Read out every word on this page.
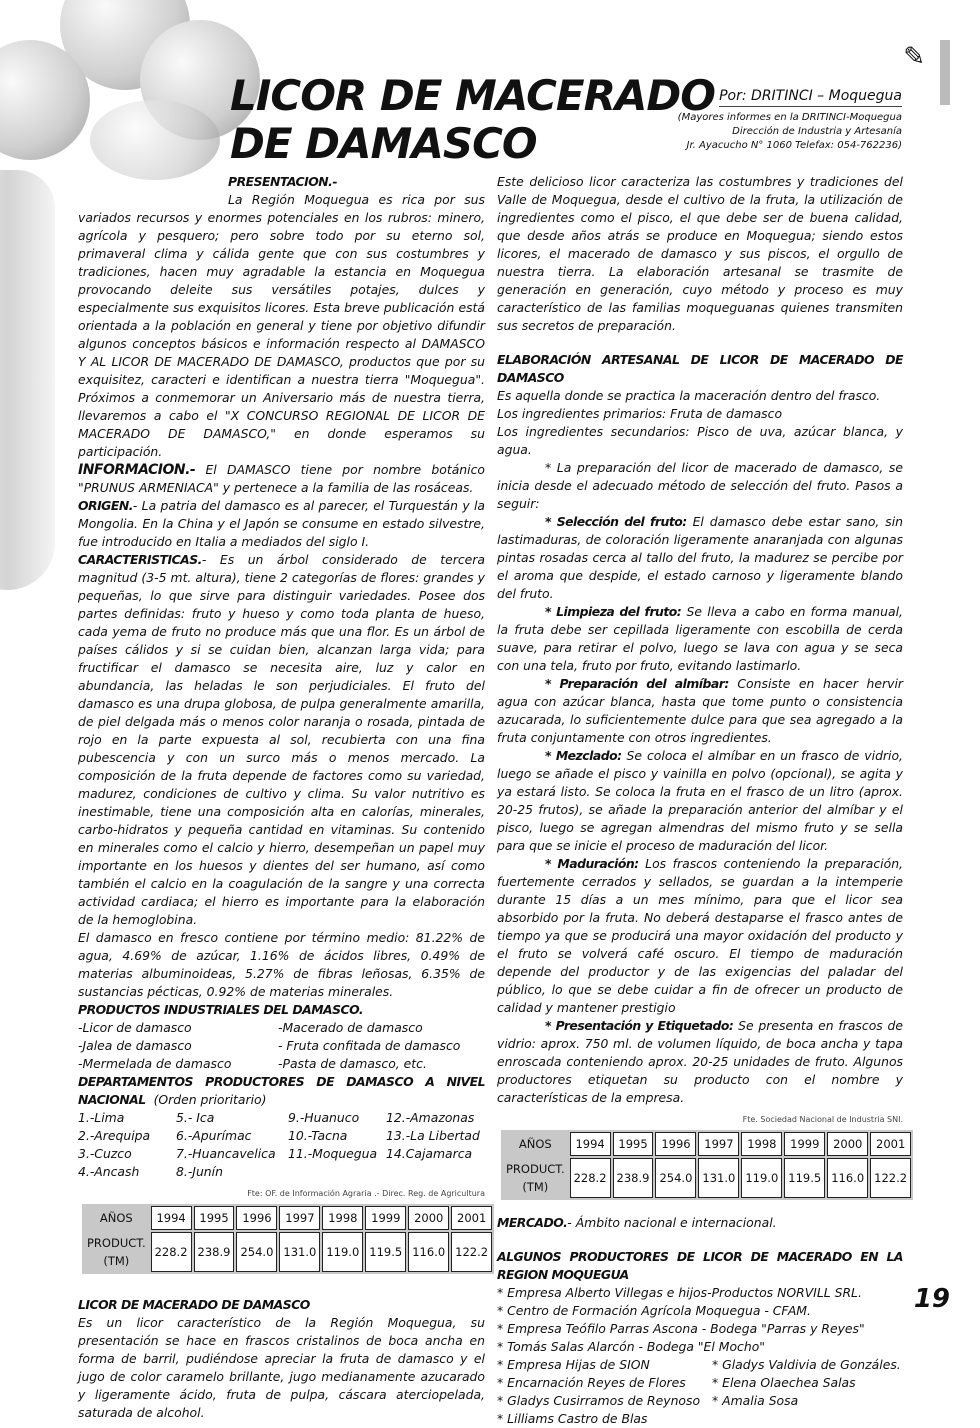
✎
LICOR DE MACERADO
DE DAMASCO
Por: DRITINCI – Moquegua
(Mayores informes en la DRITINCI-Moquegua
Dirección de Industria y Artesanía
Jr. Ayacucho N° 1060 Telefax: 054-762236)

PRESENTACION.-

La Región Moquegua es rica por sus variados recursos y enormes potenciales en los rubros: minero, agrícola y pesquero; pero sobre todo por su eterno sol, primaveral clima y cálida gente que con sus costumbres y tradiciones, hacen muy agradable la estancia en Moquegua provocando deleite sus versátiles potajes, dulces y especialmente sus exquisitos licores. Esta breve publicación está orientada a la población en general y tiene por objetivo difundir algunos conceptos básicos e información respecto al DAMASCO Y AL LICOR DE MACERADO DE DAMASCO, productos que por su exquisitez, caracteri e identifican a nuestra tierra "Moquegua". Próximos a conmemorar un Aniversario más de nuestra tierra, llevaremos a cabo el "X CONCURSO REGIONAL DE LICOR DE MACERADO DE DAMASCO," en donde esperamos su participación.

INFORMACION.- El DAMASCO tiene por nombre botánico "PRUNUS ARMENIACA" y pertenece a la familia de las rosáceas.

ORIGEN.- La patria del damasco es al parecer, el Turquestán y la Mongolia. En la China y el Japón se consume en estado silvestre, fue introducido en Italia a mediados del siglo I.

CARACTERISTICAS.- Es un árbol considerado de tercera magnitud (3-5 mt. altura), tiene 2 categorías de flores: grandes y pequeñas, lo que sirve para distinguir variedades. Posee dos partes definidas: fruto y hueso y como toda planta de hueso, cada yema de fruto no produce más que una flor. Es un árbol de países cálidos y si se cuidan bien, alcanzan larga vida; para fructificar el damasco se necesita aire, luz y calor en abundancia, las heladas le son perjudiciales. El fruto del damasco es una drupa globosa, de pulpa generalmente amarilla, de piel delgada más o menos color naranja o rosada, pintada de rojo en la parte expuesta al sol, recubierta con una fina pubescencia y con un surco más o menos mercado. La composición de la fruta depende de factores como su variedad, madurez, condiciones de cultivo y clima. Su valor nutritivo es inestimable, tiene una composición alta en calorías, minerales, carbo-hidratos y pequeña cantidad en vitaminas. Su contenido en minerales como el calcio y hierro, desempeñan un papel muy importante en los huesos y dientes del ser humano, así como también el calcio en la coagulación de la sangre y una correcta actividad cardiaca; el hierro es importante para la elaboración de la hemoglobina.

El damasco en fresco contiene por término medio: 81.22% de agua, 4.69% de azúcar, 1.16% de ácidos libres, 0.49% de materias albuminoideas, 5.27% de fibras leñosas, 6.35% de sustancias pécticas, 0.92% de materias minerales.

PRODUCTOS INDUSTRIALES DEL DAMASCO.

-Licor de damasco	-Macerado de damasco
-Jalea de damasco	- Fruta confitada de damasco
-Mermelada de damasco	-Pasta de damasco, etc.

DEPARTAMENTOS PRODUCTORES DE DAMASCO A NIVEL NACIONAL (Orden prioritario)

1.-Lima	5.- Ica	9.-Huanuco	12.-Amazonas
2.-Arequipa	6.-Apurímac	10.-Tacna	13.-La Libertad
3.-Cuzco	7.-Huancavelica	11.-Moquegua 14.Cajamarca
4.-Ancash	8.-Junín
Fte: OF. de Información Agraria .- Direc. Reg. de Agricultura
AÑOS	1994	1995	1996	1997	1998	1999	2000	2001
PRODUCT.(TM)	228.2	238.9	254.0	131.0	119.0	119.5	116.0	122.2

LICOR DE MACERADO DE DAMASCO

Es un licor característico de la Región Moquegua, su presentación se hace en frascos cristalinos de boca ancha en forma de barril, pudiéndose apreciar la fruta de damasco y el jugo de color caramelo brillante, jugo medianamente azucarado y ligeramente ácido, fruta de pulpa, cáscara aterciopelada, saturada de alcohol.

Este delicioso licor caracteriza las costumbres y tradiciones del Valle de Moquegua, desde el cultivo de la fruta, la utilización de ingredientes como el pisco, el que debe ser de buena calidad, que desde años atrás se produce en Moquegua; siendo estos licores, el macerado de damasco y sus piscos, el orgullo de nuestra tierra. La elaboración artesanal se trasmite de generación en generación, cuyo método y proceso es muy característico de las familias moqueguanas quienes transmiten sus secretos de preparación.

ELABORACIÓN ARTESANAL DE LICOR DE MACERADO DE DAMASCO

Es aquella donde se practica la maceración dentro del frasco.

Los ingredientes primarios: Fruta de damasco

Los ingredientes secundarios: Pisco de uva, azúcar blanca, y agua.

* La preparación del licor de macerado de damasco, se inicia desde el adecuado método de selección del fruto. Pasos a seguir:

* Selección del fruto: El damasco debe estar sano, sin lastimaduras, de coloración ligeramente anaranjada con algunas pintas rosadas cerca al tallo del fruto, la madurez se percibe por el aroma que despide, el estado carnoso y ligeramente blando del fruto.

* Limpieza del fruto: Se lleva a cabo en forma manual, la fruta debe ser cepillada ligeramente con escobilla de cerda suave, para retirar el polvo, luego se lava con agua y se seca con una tela, fruto por fruto, evitando lastimarlo.

* Preparación del almíbar: Consiste en hacer hervir agua con azúcar blanca, hasta que tome punto o consistencia azucarada, lo suficientemente dulce para que sea agregado a la fruta conjuntamente con otros ingredientes.

* Mezclado: Se coloca el almíbar en un frasco de vidrio, luego se añade el pisco y vainilla en polvo (opcional), se agita y ya estará listo. Se coloca la fruta en el frasco de un litro (aprox. 20-25 frutos), se añade la preparación anterior del almíbar y el pisco, luego se agregan almendras del mismo fruto y se sella para que se inicie el proceso de maduración del licor.

* Maduración: Los frascos conteniendo la preparación, fuertemente cerrados y sellados, se guardan a la intemperie durante 15 días a un mes mínimo, para que el licor sea absorbido por la fruta. No deberá destaparse el frasco antes de tiempo ya que se producirá una mayor oxidación del producto y el fruto se volverá café oscuro. El tiempo de maduración depende del productor y de las exigencias del paladar del público, lo que se debe cuidar a fin de ofrecer un producto de calidad y mantener prestigio

* Presentación y Etiquetado: Se presenta en frascos de vidrio: aprox. 750 ml. de volumen líquido, de boca ancha y tapa enroscada conteniendo aprox. 20-25 unidades de fruto. Algunos productores etiquetan su producto con el nombre y características de la empresa.

Fte. Sociedad Nacional de Industria SNI.
AÑOS	1994	1995	1996	1997	1998	1999	2000	2001
PRODUCT.(TM)	228.2	238.9	254.0	131.0	119.0	119.5	116.0	122.2

MERCADO.- Ámbito nacional e internacional.

ALGUNOS PRODUCTORES DE LICOR DE MACERADO EN LA REGION MOQUEGUA

* Empresa Alberto Villegas e hijos-Productos NORVILL SRL.
* Centro de Formación Agrícola Moquegua - CFAM.
* Empresa Teófilo Parras Ascona - Bodega "Parras y Reyes"
* Tomás Salas Alarcón - Bodega "El Mocho"
* Empresa Hijas de SION	* Gladys Valdivia de Gonzáles.
* Encarnación Reyes de Flores	* Elena Olaechea Salas
* Gladys Cusirramos de Reynoso * Amalia Sosa
* Lilliams Castro de Blas
19
